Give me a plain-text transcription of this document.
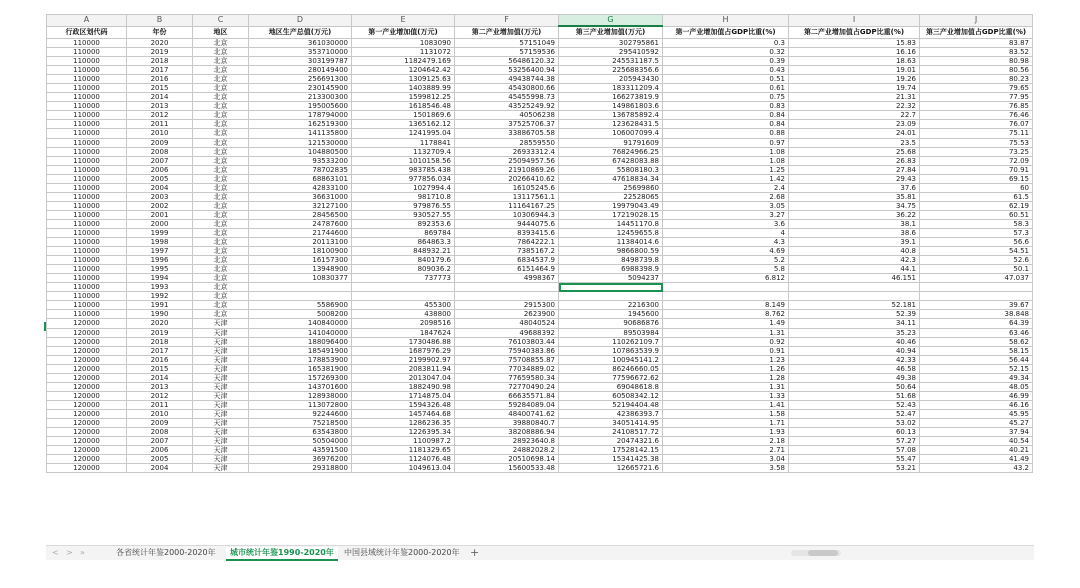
A	B	C	D	E	F	G	H	I	J
行政区划代码	年份	地区	地区生产总值(万元)	第一产业增加值(万元)	第二产业增加值(万元)	第三产业增加值(万元)	第一产业增加值占GDP比重(%)	第二产业增加值占GDP比重(%)	第三产业增加值占GDP比重(%)
110000	2020	北京	361030000	1083090	57151049	302795861	0.3	15.83	83.87
110000	2019	北京	353710000	1131072	57159536	295410592	0.32	16.16	83.52
110000	2018	北京	303199787	1182479.169	56486120.32	245531187.5	0.39	18.63	80.98
110000	2017	北京	280149400	1204642.42	53256400.94	225688356.6	0.43	19.01	80.56
110000	2016	北京	256691300	1309125.63	49438744.38	205943430	0.51	19.26	80.23
110000	2015	北京	230145900	1403889.99	45430800.66	183311209.4	0.61	19.74	79.65
110000	2014	北京	213300300	1599812.25	45455998.73	166273819.9	0.75	21.31	77.95
110000	2013	北京	195005600	1618546.48	43525249.92	149861803.6	0.83	22.32	76.85
110000	2012	北京	178794000	1501869.6	40506238	136785892.4	0.84	22.7	76.46
110000	2011	北京	162519300	1365162.12	37525706.37	123628431.5	0.84	23.09	76.07
110000	2010	北京	141135800	1241995.04	33886705.58	106007099.4	0.88	24.01	75.11
110000	2009	北京	121530000	1178841	28559550	91791609	0.97	23.5	75.53
110000	2008	北京	104880500	1132709.4	26933312.4	76824966.25	1.08	25.68	73.25
110000	2007	北京	93533200	1010158.56	25094957.56	67428083.88	1.08	26.83	72.09
110000	2006	北京	78702835	983785.438	21910869.26	55808180.3	1.25	27.84	70.91
110000	2005	北京	68863101	977856.034	20266410.62	47618834.34	1.42	29.43	69.15
110000	2004	北京	42833100	1027994.4	16105245.6	25699860	2.4	37.6	60
110000	2003	北京	36631000	981710.8	13117561.1	22528065	2.68	35.81	61.5
110000	2002	北京	32127100	979876.55	11164167.25	19979043.49	3.05	34.75	62.19
110000	2001	北京	28456500	930527.55	10306944.3	17219028.15	3.27	36.22	60.51
110000	2000	北京	24787600	892353.6	9444075.6	14451170.8	3.6	38.1	58.3
110000	1999	北京	21744600	869784	8393415.6	12459655.8	4	38.6	57.3
110000	1998	北京	20113100	864863.3	7864222.1	11384014.6	4.3	39.1	56.6
110000	1997	北京	18100900	848932.21	7385167.2	9866800.59	4.69	40.8	54.51
110000	1996	北京	16157300	840179.6	6834537.9	8498739.8	5.2	42.3	52.6
110000	1995	北京	13948900	809036.2	6151464.9	6988398.9	5.8	44.1	50.1
110000	1994	北京	10830377	737773	4998367	5094237	6.812	46.151	47.037
110000	1993	北京							
110000	1992	北京							
110000	1991	北京	5586900	455300	2915300	2216300	8.149	52.181	39.67
110000	1990	北京	5008200	438800	2623900	1945600	8.762	52.39	38.848
120000	2020	天津	140840000	2098516	48040524	90686876	1.49	34.11	64.39
120000	2019	天津	141040000	1847624	49688392	89503984	1.31	35.23	63.46
120000	2018	天津	188096400	1730486.88	76103803.44	110262109.7	0.92	40.46	58.62
120000	2017	天津	185491900	1687976.29	75940383.86	107863539.9	0.91	40.94	58.15
120000	2016	天津	178853900	2199902.97	75708855.87	100945141.2	1.23	42.33	56.44
120000	2015	天津	165381900	2083811.94	77034889.02	86246660.05	1.26	46.58	52.15
120000	2014	天津	157269300	2013047.04	77659580.34	77596672.62	1.28	49.38	49.34
120000	2013	天津	143701600	1882490.98	72770490.24	69048618.8	1.31	50.64	48.05
120000	2012	天津	128938000	1714875.04	66635571.84	60508342.12	1.33	51.68	46.99
120000	2011	天津	113072800	1594326.48	59284089.04	52194404.48	1.41	52.43	46.16
120000	2010	天津	92244600	1457464.68	48400741.62	42386393.7	1.58	52.47	45.95
120000	2009	天津	75218500	1286236.35	39880840.7	34051414.95	1.71	53.02	45.27
120000	2008	天津	63543800	1226395.34	38208886.94	24108517.72	1.93	60.13	37.94
120000	2007	天津	50504000	1100987.2	28923640.8	20474321.6	2.18	57.27	40.54
120000	2006	天津	43591500	1181329.65	24882028.2	17528142.15	2.71	57.08	40.21
120000	2005	天津	36976200	1124076.48	20510698.14	15341425.38	3.04	55.47	41.49
120000	2004	天津	29318800	1049613.04	15600533.48	12665721.6	3.58	53.21	43.2
< > »	各省统计年鉴2000-2020年	城市统计年鉴1990-2020年	中国县域统计年鉴2000-2020年 +
